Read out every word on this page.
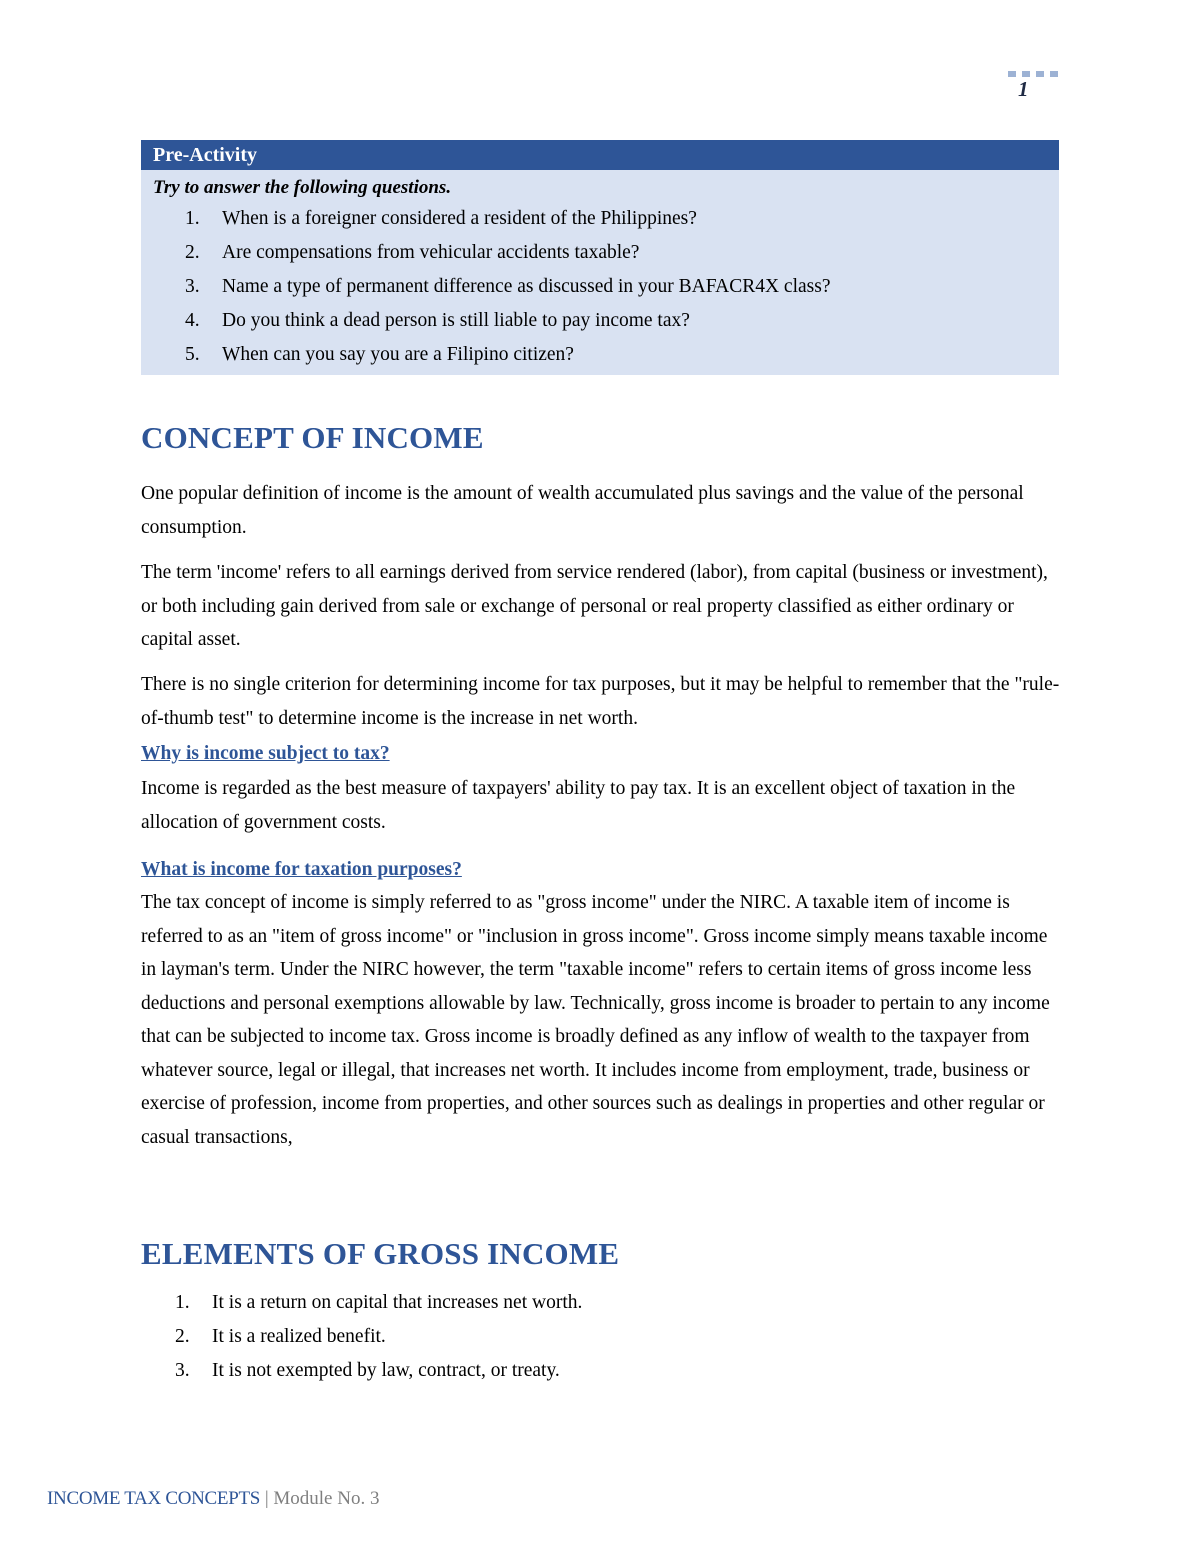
1
Pre-Activity
Try to answer the following questions.
1.	When is a foreigner considered a resident of the Philippines?
2.	Are compensations from vehicular accidents taxable?
3.	Name a type of permanent difference as discussed in your BAFACR4X class?
4.	Do you think a dead person is still liable to pay income tax?
5.	When can you say you are a Filipino citizen?
CONCEPT OF INCOME
One popular definition of income is the amount of wealth accumulated plus savings and the value of the personal consumption.
The term 'income' refers to all earnings derived from service rendered (labor), from capital (business or investment), or both including gain derived from sale or exchange of personal or real property classified as either ordinary or capital asset.
There is no single criterion for determining income for tax purposes, but it may be helpful to remember that the "rule-of-thumb test" to determine income is the increase in net worth.
Why is income subject to tax?
Income is regarded as the best measure of taxpayers' ability to pay tax. It is an excellent object of taxation in the allocation of government costs.
What is income for taxation purposes?
The tax concept of income is simply referred to as "gross income" under the NIRC. A taxable item of income is referred to as an "item of gross income" or "inclusion in gross income". Gross income simply means taxable income in layman's term. Under the NIRC however, the term "taxable income" refers to certain items of gross income less deductions and personal exemptions allowable by law. Technically, gross income is broader to pertain to any income that can be subjected to income tax. Gross income is broadly defined as any inflow of wealth to the taxpayer from whatever source, legal or illegal, that increases net worth. It includes income from employment, trade, business or exercise of profession, income from properties, and other sources such as dealings in properties and other regular or casual transactions,
ELEMENTS OF GROSS INCOME
1.	It is a return on capital that increases net worth.
2.	It is a realized benefit.
3.	It is not exempted by law, contract, or treaty.
INCOME TAX CONCEPTS | Module No. 3
